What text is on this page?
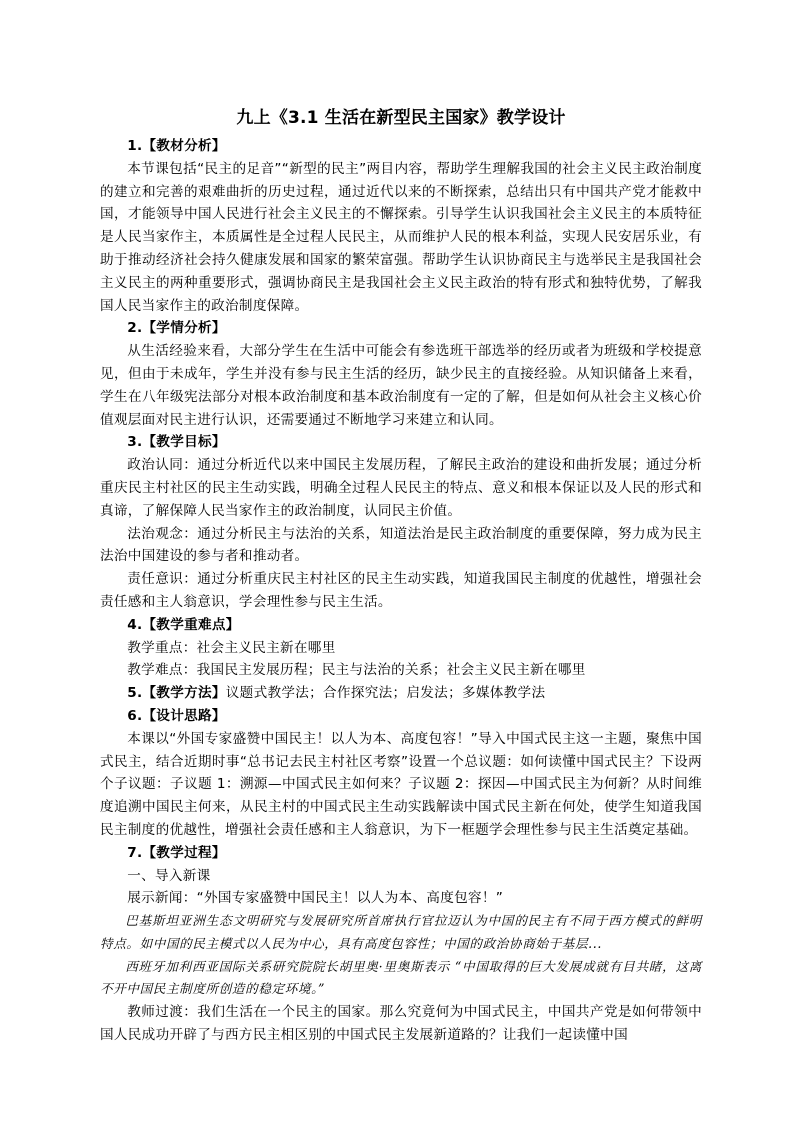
九上《3.1 生活在新型民主国家》教学设计

1.【教材分析】

本节课包括“民主的足音”“新型的民主”两目内容，帮助学生理解我国的社会主义民主政治制度的建立和完善的艰难曲折的历史过程，通过近代以来的不断探索，总结出只有中国共产党才能救中国，才能领导中国人民进行社会主义民主的不懈探索。引导学生认识我国社会主义民主的本质特征是人民当家作主，本质属性是全过程人民民主，从而维护人民的根本利益，实现人民安居乐业，有助于推动经济社会持久健康发展和国家的繁荣富强。帮助学生认识协商民主与选举民主是我国社会主义民主的两种重要形式，强调协商民主是我国社会主义民主政治的特有形式和独特优势，了解我国人民当家作主的政治制度保障。

2.【学情分析】

从生活经验来看，大部分学生在生活中可能会有参选班干部选举的经历或者为班级和学校提意见，但由于未成年，学生并没有参与民主生活的经历，缺少民主的直接经验。从知识储备上来看，学生在八年级宪法部分对根本政治制度和基本政治制度有一定的了解，但是如何从社会主义核心价值观层面对民主进行认识，还需要通过不断地学习来建立和认同。

3.【教学目标】

政治认同：通过分析近代以来中国民主发展历程，了解民主政治的建设和曲折发展；通过分析重庆民主村社区的民主生动实践，明确全过程人民民主的特点、意义和根本保证以及人民的形式和真谛，了解保障人民当家作主的政治制度，认同民主价值。

法治观念：通过分析民主与法治的关系，知道法治是民主政治制度的重要保障，努力成为民主法治中国建设的参与者和推动者。

责任意识：通过分析重庆民主村社区的民主生动实践，知道我国民主制度的优越性，增强社会责任感和主人翁意识，学会理性参与民主生活。

4.【教学重难点】

教学重点：社会主义民主新在哪里

教学难点：我国民主发展历程；民主与法治的关系；社会主义民主新在哪里

5.【教学方法】议题式教学法；合作探究法；启发法；多媒体教学法

6.【设计思路】

本课以“外国专家盛赞中国民主！以人为本、高度包容！”导入中国式民主这一主题，聚焦中国式民主，结合近期时事“总书记去民主村社区考察”设置一个总议题：如何读懂中国式民主？下设两个子议题：子议题 1：溯源—中国式民主如何来？子议题 2：探因—中国式民主为何新？从时间维度追溯中国民主何来，从民主村的中国式民主生动实践解读中国式民主新在何处，使学生知道我国民主制度的优越性，增强社会责任感和主人翁意识，为下一框题学会理性参与民主生活奠定基础。

7.【教学过程】

一、导入新课

展示新闻：“外国专家盛赞中国民主！以人为本、高度包容！”

巴基斯坦亚洲生态文明研究与发展研究所首席执行官拉迈认为中国的民主有不同于西方模式的鲜明特点。如中国的民主模式以人民为中心，具有高度包容性；中国的政治协商始于基层...

西班牙加利西亚国际关系研究院院长胡里奥·里奥斯表示 “中国取得的巨大发展成就有目共睹，这离不开中国民主制度所创造的稳定环境。”

教师过渡：我们生活在一个民主的国家。那么究竟何为中国式民主，中国共产党是如何带领中国人民成功开辟了与西方民主相区别的中国式民主发展新道路的？让我们一起读懂中国
